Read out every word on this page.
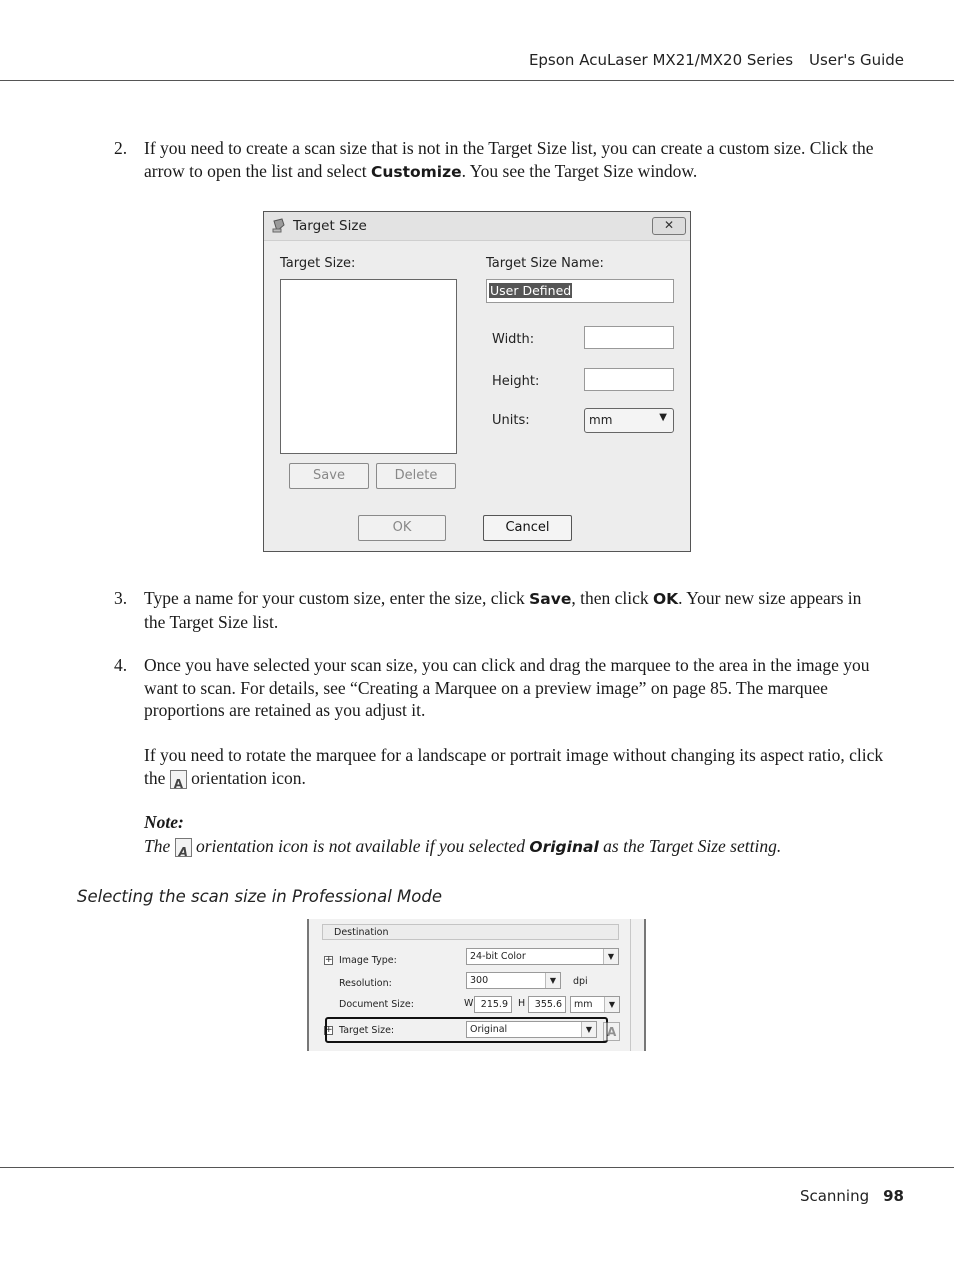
Epson AcuLaser MX21/MX20 Series User's Guide
2. If you need to create a scan size that is not in the Target Size list, you can create a custom size. Click the arrow to open the list and select Customize. You see the Target Size window.
Target Size	✕
Target Size:	Target Size Name:
User Defined
Width:
Height:
Units:	mm	▼
Save	Delete
OK	Cancel
3. Type a name for your custom size, enter the size, click Save, then click OK. Your new size appears in the Target Size list.
4. Once you have selected your scan size, you can click and drag the marquee to the area in the image you want to scan. For details, see “Creating a Marquee on a preview image” on page 85. The marquee proportions are retained as you adjust it.
If you need to rotate the marquee for a landscape or portrait image without changing its aspect ratio, click the A orientation icon.
Note:
The A orientation icon is not available if you selected Original as the Target Size setting.
Selecting the scan size in Professional Mode
Destination
+ Image Type:	24-bit Color	▼
Resolution:	300	▼	dpi
Document Size:	W 215.9 H 355.6 mm	▼
+ Target Size:	Original	▼
A
Scanning 98
